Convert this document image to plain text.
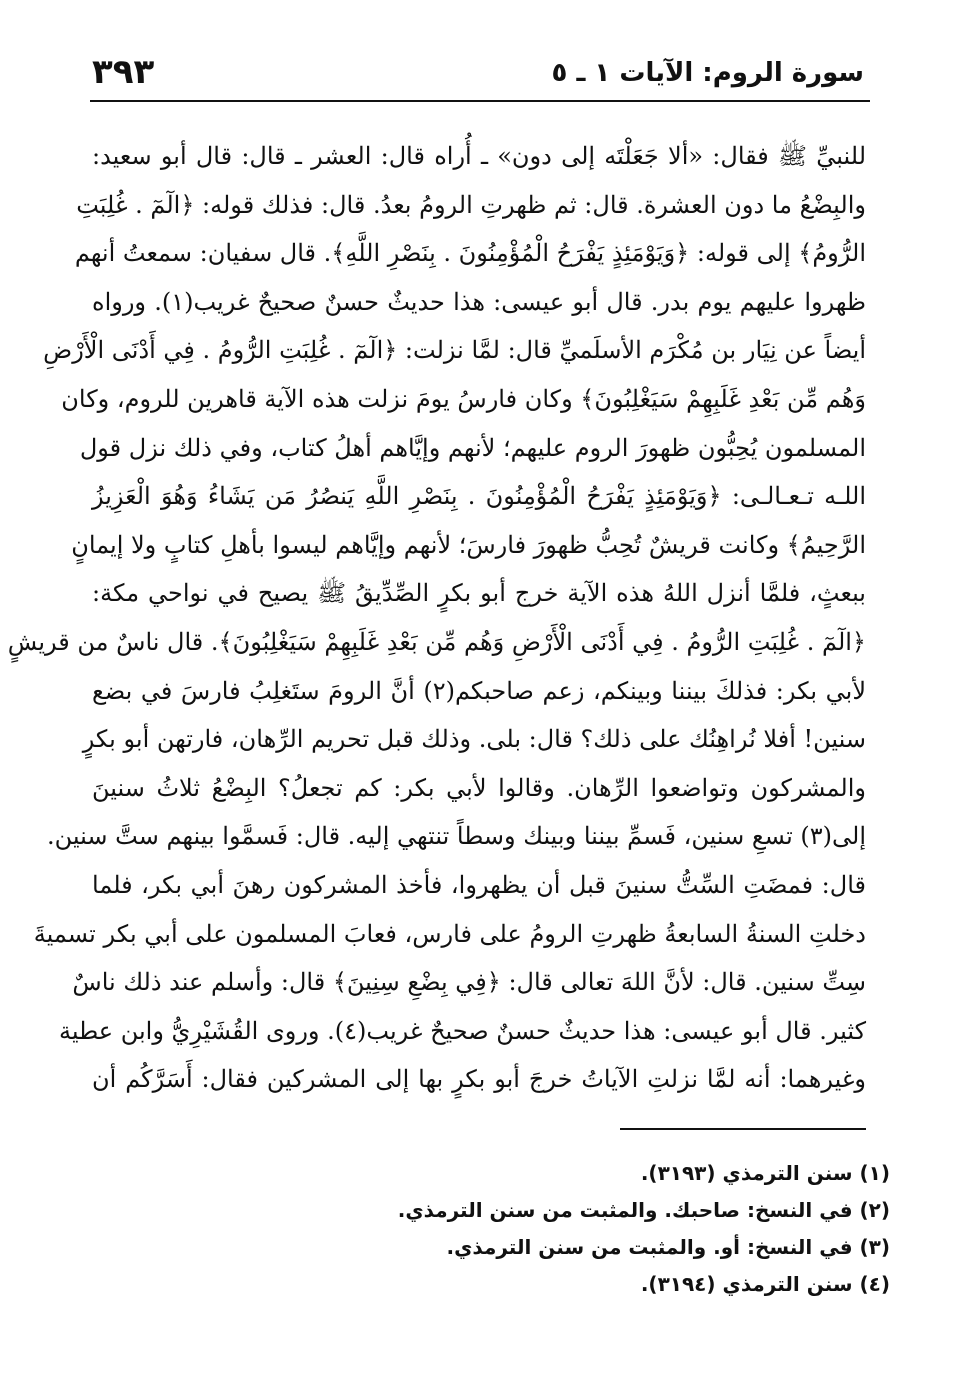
٣٩٣	سورة الروم: الآيات ١ ـ ٥
للنبيِّ ﷺ فقال: «ألا جَعَلْتَه إلى دون» ـ أُراه قال: العشر ـ قال: قال أبو سعيد:
والبِضْعُ ما دون العشرة. قال: ثم ظهرتِ الرومُ بعدُ. قال: فذلك قوله: ﴿الٓمٓ . غُلِبَتِ
الرُّومُ﴾ إلى قوله: ﴿وَيَوْمَئِذٍ يَفْرَحُ الْمُؤْمِنُونَ . بِنَصْرِ اللَّهِ﴾. قال سفيان: سمعتُ أنهم
ظهروا عليهم يوم بدر. قال أبو عيسى: هذا حديثٌ حسنٌ صحيحٌ غريب(١). ورواه
أيضاً عن نِيَار بن مُكْرَم الأسلَميِّ قال: لمَّا نزلت: ﴿الٓمٓ . غُلِبَتِ الرُّومُ . فِي أَدْنَى الْأَرْضِ
وَهُم مِّن بَعْدِ غَلَبِهِمْ سَيَغْلِبُونَ﴾ وكان فارسُ يومَ نزلت هذه الآية قاهرين للروم، وكان
المسلمون يُحِبُّون ظهورَ الروم عليهم؛ لأنهم وإيَّاهم أهلُ كتاب، وفي ذلك نزل قول
اللـه تـعـالـى: ﴿وَيَوْمَئِذٍ يَفْرَحُ الْمُؤْمِنُونَ . بِنَصْرِ اللَّهِ يَنصُرُ مَن يَشَاءُ وَهُوَ الْعَزِيزُ
الرَّحِيمُ﴾ وكانت قريشٌ تُحِبُّ ظهورَ فارسَ؛ لأنهم وإيَّاهم ليسوا بأهلِ كتابٍ ولا إيمانٍ
ببعثٍ، فلمَّا أنزل اللهُ هذه الآية خرج أبو بكرٍ الصِّدِّيقُ ﷺ يصيح في نواحي مكة:
﴿الٓمٓ . غُلِبَتِ الرُّومُ . فِي أَدْنَى الْأَرْضِ وَهُم مِّن بَعْدِ غَلَبِهِمْ سَيَغْلِبُونَ﴾. قال ناسٌ من قريشٍ
لأبي بكر: فذلكَ بيننا وبينكم، زعم صاحبكم(٢) أنَّ الرومَ ستَغلِبُ فارسَ في بضع
سنين! أفلا نُراهِنُك على ذلك؟ قال: بلى. وذلك قبل تحريم الرِّهان، فارتهن أبو بكرٍ
والمشركون وتواضعوا الرِّهان. وقالوا لأبي بكر: كم تجعلُ؟ البِضْعُ ثلاثُ سنينَ
إلى(٣) تسعِ سنين، فَسمِّ بيننا وبينك وسطاً تنتهي إليه. قال: فَسمَّوا بينهم ستَّ سنين.
قال: فمضَتِ السِّتُّ سنينَ قبل أن يظهروا، فأخذ المشركون رهنَ أبي بكر، فلما
دخلتِ السنةُ السابعةُ ظهرتِ الرومُ على فارس، فعابَ المسلمون على أبي بكر تسميةَ
سِتِّ سنين. قال: لأنَّ اللهَ تعالى قال: ﴿فِي بِضْعِ سِنِينَ﴾ قال: وأسلم عند ذلك ناسٌ
كثير. قال أبو عيسى: هذا حديثٌ حسنٌ صحيحٌ غريب(٤). وروى القُشَيْرِيُّ وابن عطية
وغيرهما: أنه لمَّا نزلتِ الآياتُ خرجَ أبو بكرٍ بها إلى المشركين فقال: أَسَرَّكُم أن
(١) سنن الترمذي (٣١٩٣).
(٢) في النسخ: صاحبك. والمثبت من سنن الترمذي.
(٣) في النسخ: أو. والمثبت من سنن الترمذي.
(٤) سنن الترمذي (٣١٩٤).
